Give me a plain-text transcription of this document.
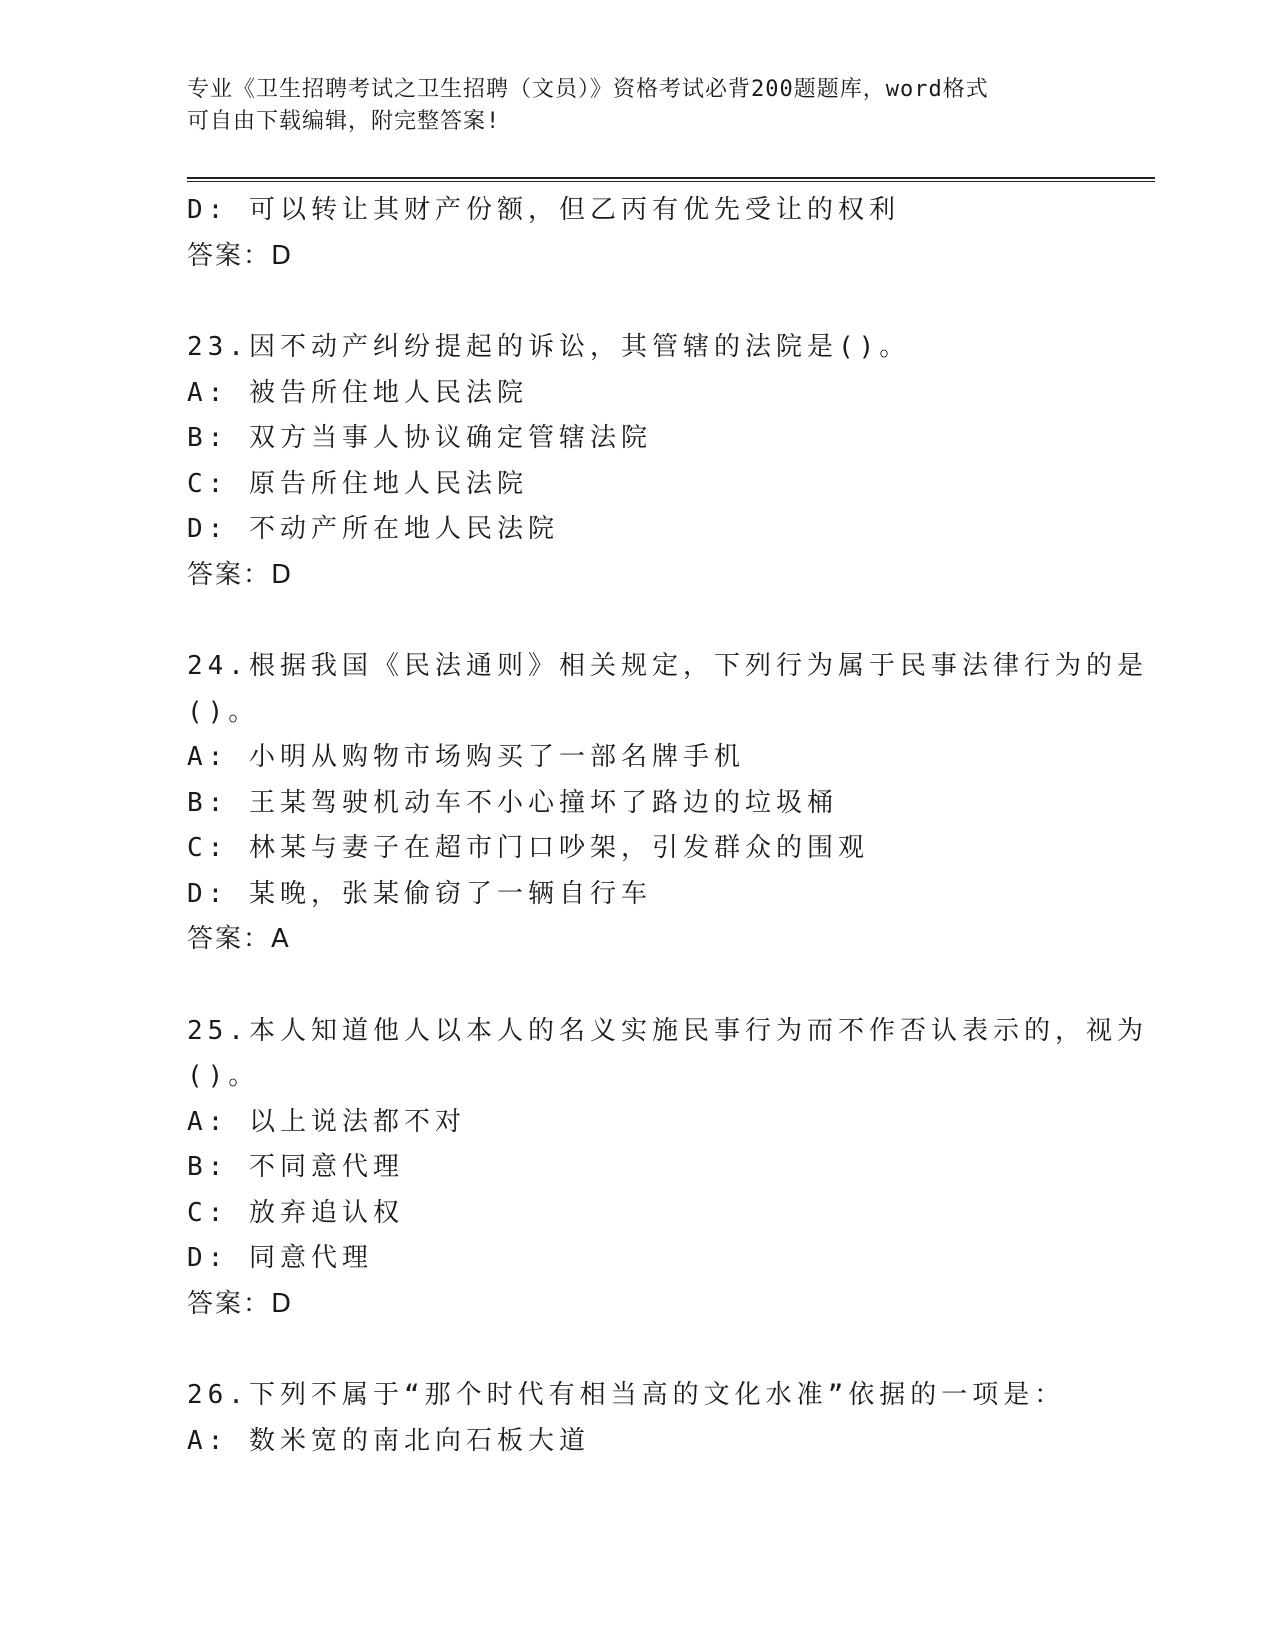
专业《卫生招聘考试之卫生招聘（文员）》资格考试必背200题题库，word格式
可自由下载编辑，附完整答案!
D: 可以转让其财产份额，但乙丙有优先受让的权利
答案：D
23.因不动产纠纷提起的诉讼，其管辖的法院是()。
A: 被告所住地人民法院
B: 双方当事人协议确定管辖法院
C: 原告所住地人民法院
D: 不动产所在地人民法院
答案：D
24.根据我国《民法通则》相关规定，下列行为属于民事法律行为的是
()。
A: 小明从购物市场购买了一部名牌手机
B: 王某驾驶机动车不小心撞坏了路边的垃圾桶
C: 林某与妻子在超市门口吵架，引发群众的围观
D: 某晚，张某偷窃了一辆自行车
答案：A
25.本人知道他人以本人的名义实施民事行为而不作否认表示的，视为
()。
A: 以上说法都不对
B: 不同意代理
C: 放弃追认权
D: 同意代理
答案：D
26.下列不属于“那个时代有相当高的文化水准”依据的一项是：
A: 数米宽的南北向石板大道
